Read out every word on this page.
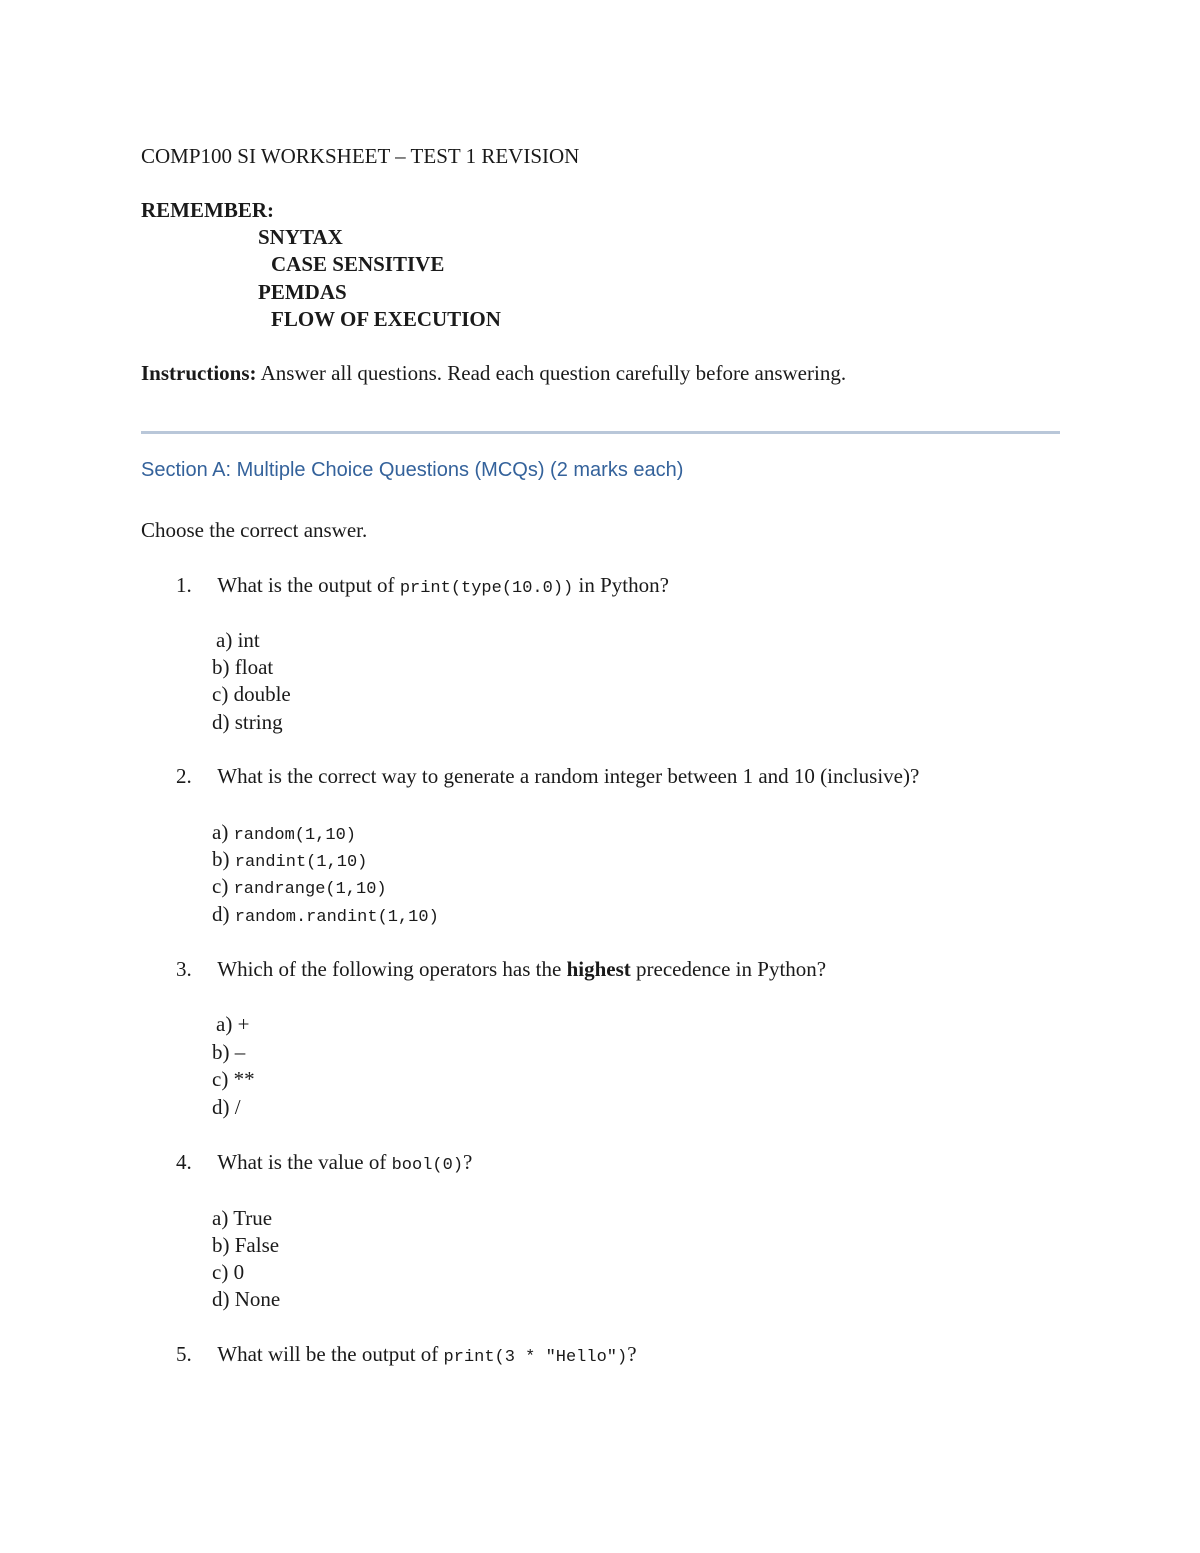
COMP100 SI WORKSHEET – TEST 1 REVISION
REMEMBER:
SNYTAX
CASE SENSITIVE
PEMDAS
FLOW OF EXECUTION
Instructions: Answer all questions. Read each question carefully before answering.
Section A: Multiple Choice Questions (MCQs) (2 marks each)
Choose the correct answer.
1. What is the output of print(type(10.0)) in Python?
a) int
b) float
c) double
d) string
2. What is the correct way to generate a random integer between 1 and 10 (inclusive)?
a) random(1,10)
b) randint(1,10)
c) randrange(1,10)
d) random.randint(1,10)
3. Which of the following operators has the highest precedence in Python?
a) +
b) –
c) **
d) /
4. What is the value of bool(0)?
a) True
b) False
c) 0
d) None
5. What will be the output of print(3 * "Hello")?
